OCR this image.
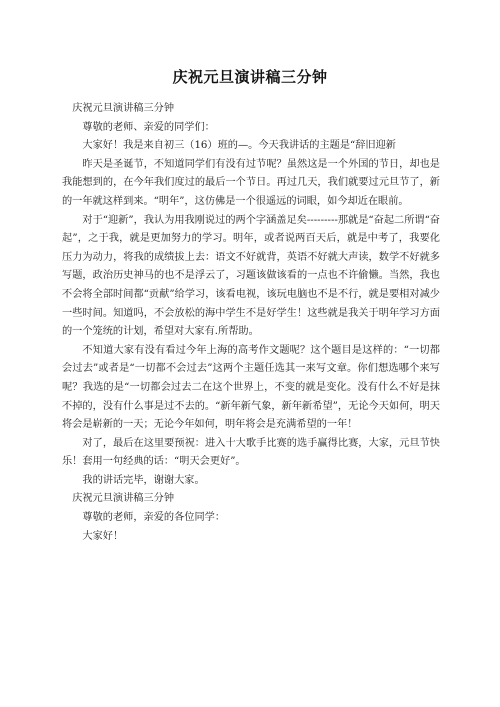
庆祝元旦演讲稿三分钟

庆祝元旦演讲稿三分钟

尊敬的老师、亲爱的同学们：

大家好！我是来自初三（16）班的—。今天我讲话的主题是“辞旧迎新

昨天是圣诞节，不知道同学们有没有过节呢？虽然这是一个外国的节日，却也是我能想到的，在今年我们度过的最后一个节日。再过几天，我们就要过元旦节了，新的一年就这样到来。“明年”，这仿佛是一个很遥远的词眼，如今却近在眼前。

对于“迎新”，我认为用我刚说过的两个字涵盖足矣---------那就是“奋起二所谓“奋起”，之于我，就是更加努力的学习。明年，或者说两百天后，就是中考了，我要化压力为动力，将我的成绩拔上去：语文不好就背，英语不好就大声读，数学不好就多写题，政治历史神马的也不是浮云了，习题该做该看的一点也不许偷懒。当然，我也不会将全部时间都“贡献”给学习，该看电视，该玩电脑也不是不行，就是要相对减少一些时间。知道吗，不会放松的海中学生不是好学生！这些就是我关于明年学习方面的一个笼统的计划，希望对大家有.所帮助。

不知道大家有没有看过今年上海的高考作文题呢？这个题目是这样的：“一切都会过去”或者是“一切都不会过去”这两个主题任选其一来写文章。你们想选哪个来写呢？我选的是“一切都会过去二在这个世界上，不变的就是变化。没有什么不好是抹不掉的，没有什么事是过不去的。“新年新气象，新年新希望”，无论今天如何，明天将会是崭新的一天；无论今年如何，明年将会是充满希望的一年！

对了，最后在这里要预祝：进入十大歌手比赛的选手赢得比赛，大家，元旦节快乐！套用一句经典的话：“明天会更好”。

我的讲话完毕，谢谢大家。

庆祝元旦演讲稿三分钟

尊敬的老师，亲爱的各位同学：

大家好！
